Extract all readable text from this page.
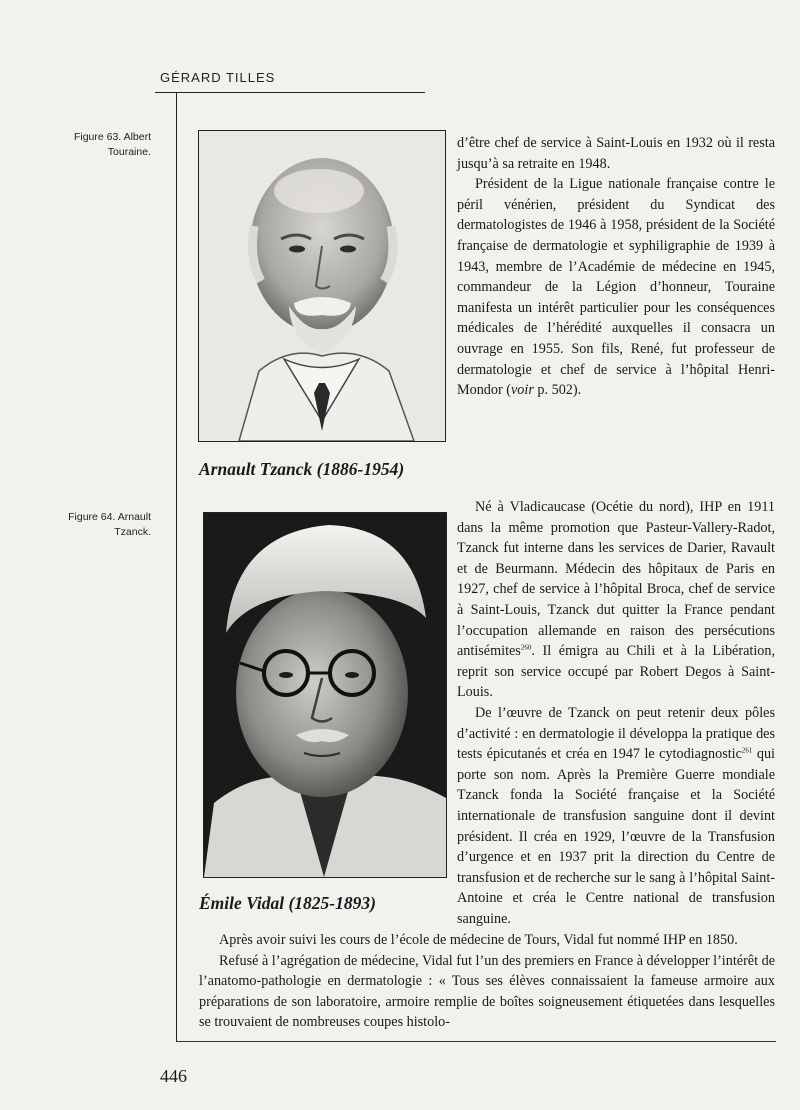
GÉRARD TILLES
Figure 63. Albert
Touraine.

d’être chef de service à Saint-Louis en 1932 où il resta jusqu’à sa retraite en 1948.

Président de la Ligue nationale française contre le péril vénérien, président du Syndicat des dermatologistes de 1946 à 1958, président de la Société française de dermatologie et syphiligraphie de 1939 à 1943, membre de l’Académie de médecine en 1945, commandeur de la Légion d’honneur, Touraine manifesta un intérêt particulier pour les conséquences médicales de l’hérédité auxquelles il consacra un ouvrage en 1955. Son fils, René, fut professeur de dermatologie et chef de service à l’hôpital Henri-Mondor (voir p. 502).

Arnault Tzanck (1886-1954)
Figure 64. Arnault
Tzanck.

Né à Vladicaucase (Océtie du nord), IHP en 1911 dans la même promotion que Pasteur-Vallery-Radot, Tzanck fut interne dans les services de Darier, Ravault et de Beurmann. Médecin des hôpitaux de Paris en 1927, chef de service à l’hôpital Broca, chef de service à Saint-Louis, Tzanck dut quitter la France pendant l’occupation allemande en raison des persécutions antisémites$^{260}$. Il émigra au Chili et à la Libération, reprit son service occupé par Robert Degos à Saint-Louis.

De l’œuvre de Tzanck on peut retenir deux pôles d’activité : en dermatologie il développa la pratique des tests épicutanés et créa en 1947 le cytodiagnostic$^{261}$ qui porte son nom. Après la Première Guerre mondiale Tzanck fonda la Société française et la Société internationale de transfusion sanguine dont il devint président. Il créa en 1929, l’œuvre de la Transfusion d’urgence et en 1937 prit la direction du Centre de transfusion et de recherche sur le sang à l’hôpital Saint-Antoine et créa le Centre national de transfusion sanguine.

Émile Vidal (1825-1893)

Après avoir suivi les cours de l’école de médecine de Tours, Vidal fut nommé IHP en 1850.

Refusé à l’agrégation de médecine, Vidal fut l’un des premiers en France à développer l’intérêt de l’anatomo-pathologie en dermatologie : « Tous ses élèves connaissaient la fameuse armoire aux préparations de son laboratoire, armoire remplie de boîtes soigneusement étiquetées dans lesquelles se trouvaient de nombreuses coupes histolo-

446
